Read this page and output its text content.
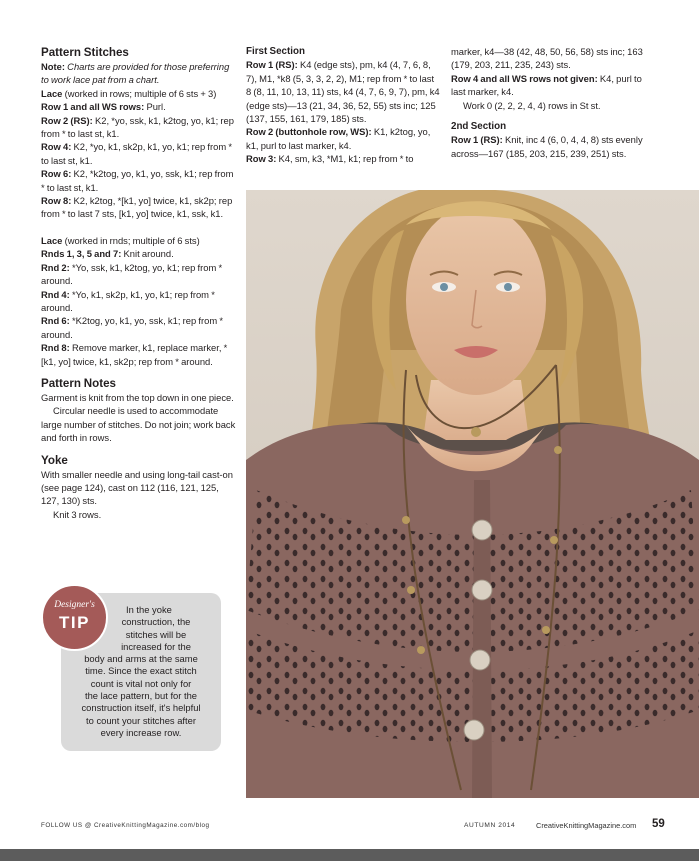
Pattern Stitches

Note: Charts are provided for those preferring to work lace pat from a chart.

Lace (worked in rows; multiple of 6 sts + 3)

Row 1 and all WS rows: Purl.

Row 2 (RS): K2, *yo, ssk, k1, k2tog, yo, k1; rep from * to last st, k1.

Row 4: K2, *yo, k1, sk2p, k1, yo, k1; rep from * to last st, k1.

Row 6: K2, *k2tog, yo, k1, yo, ssk, k1; rep from * to last st, k1.

Row 8: K2, k2tog, *[k1, yo] twice, k1, sk2p; rep from * to last 7 sts, [k1, yo] twice, k1, ssk, k1.

Lace (worked in rnds; multiple of 6 sts)

Rnds 1, 3, 5 and 7: Knit around.

Rnd 2: *Yo, ssk, k1, k2tog, yo, k1; rep from * around.

Rnd 4: *Yo, k1, sk2p, k1, yo, k1; rep from * around.

Rnd 6: *K2tog, yo, k1, yo, ssk, k1; rep from * around.

Rnd 8: Remove marker, k1, replace marker, *[k1, yo] twice, k1, sk2p; rep from * around.

Pattern Notes

Garment is knit from the top down in one piece.

Circular needle is used to accommodate large number of stitches. Do not join; work back and forth in rows.

Yoke

With smaller needle and using long-tail cast-on (see page 124), cast on 112 (116, 121, 125, 127, 130) sts.

Knit 3 rows.

First Section

Row 1 (RS): K4 (edge sts), pm, k4 (4, 7, 6, 8, 7), M1, *k8 (5, 3, 3, 2, 2), M1; rep from * to last 8 (8, 11, 10, 13, 11) sts, k4 (4, 7, 6, 9, 7), pm, k4 (edge sts)—13 (21, 34, 36, 52, 55) sts inc; 125 (137, 155, 161, 179, 185) sts.

Row 2 (buttonhole row, WS): K1, k2tog, yo, k1, purl to last marker, k4.

Row 3: K4, sm, k3, *M1, k1; rep from * to

marker, k4—38 (42, 48, 50, 56, 58) sts inc; 163 (179, 203, 211, 235, 243) sts.

Row 4 and all WS rows not given: K4, purl to last marker, k4.

Work 0 (2, 2, 2, 4, 4) rows in St st.

2nd Section

Row 1 (RS): Knit, inc 4 (6, 0, 4, 4, 8) sts evenly across—167 (185, 203, 215, 239, 251) sts.

Designer's
TIP
In the yoke
construction, the
stitches will be
increased for the
body and arms at the same
time. Since the exact stitch
count is vital not only for
the lace pattern, but for the
construction itself, it's helpful
to count your stitches after
every increase row.
FOLLOW US @ CreativeKnittingMagazine.com/blog	AUTUMN 2014	CreativeKnittingMagazine.com 59
